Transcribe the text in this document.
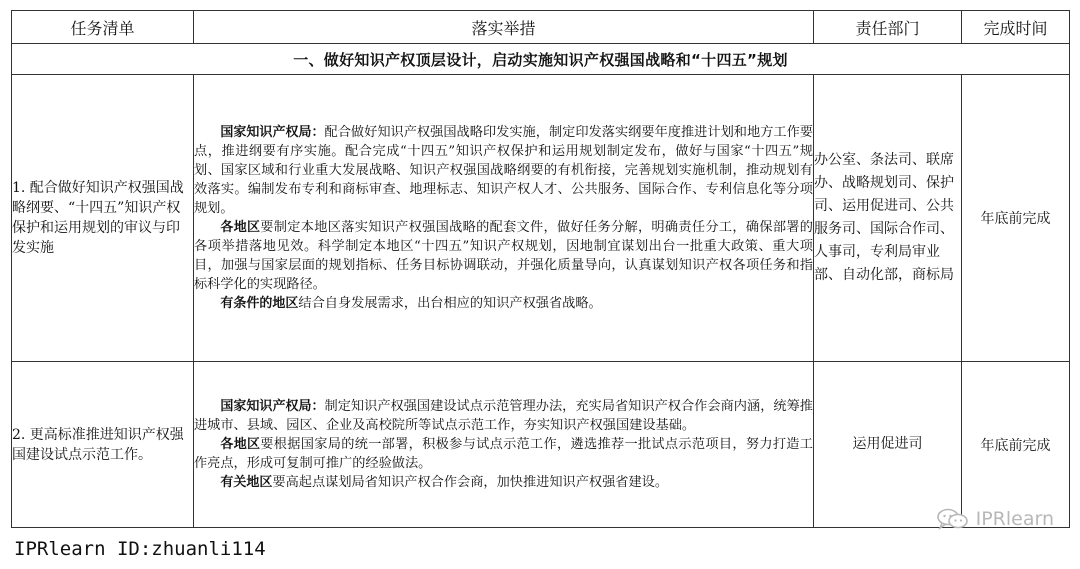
任务清单	落实举措	责任部门	完成时间
一、做好知识产权顶层设计，启动实施知识产权强国战略和“十四五”规划			
1. 配合做好知识产权强国战略纲要、“十四五”知识产权保护和运用规划的审议与印发实施	国家知识产权局：配合做好知识产权强国战略印发实施，制定印发落实纲要年度推进计划和地方工作要点，推进纲要有序实施。配合完成“十四五”知识产权保护和运用规划制定发布，做好与国家“十四五”规划、国家区域和行业重大发展战略、知识产权强国战略纲要的有机衔接，完善规划实施机制，推动规划有效落实。编制发布专利和商标审查、地理标志、知识产权人才、公共服务、国际合作、专利信息化等分项规划。

各地区要制定本地区落实知识产权强国战略的配套文件，做好任务分解，明确责任分工，确保部署的各项举措落地见效。科学制定本地区“十四五”知识产权规划，因地制宜谋划出台一批重大政策、重大项目，加强与国家层面的规划指标、任务目标协调联动，并强化质量导向，认真谋划知识产权各项任务和指标科学化的实现路径。

有条件的地区结合自身发展需求，出台相应的知识产权强省战略。	办公室、条法司、联席办、战略规划司、保护司、运用促进司、公共服务司、国际合作司、人事司，专利局审业部、自动化部，商标局	年底前完成
2. 更高标准推进知识产权强国建设试点示范工作。	国家知识产权局：制定知识产权强国建设试点示范管理办法，充实局省知识产权合作会商内涵，统筹推进城市、县域、园区、企业及高校院所等试点示范工作，夯实知识产权强国建设基础。

各地区要根据国家局的统一部署，积极参与试点示范工作，遴选推荐一批试点示范项目，努力打造工作亮点，形成可复制可推广的经验做法。

有关地区要高起点谋划局省知识产权合作会商，加快推进知识产权强省建设。	运用促进司	年底前完成
IPRlearn
IPRlearn ID:zhuanli114
